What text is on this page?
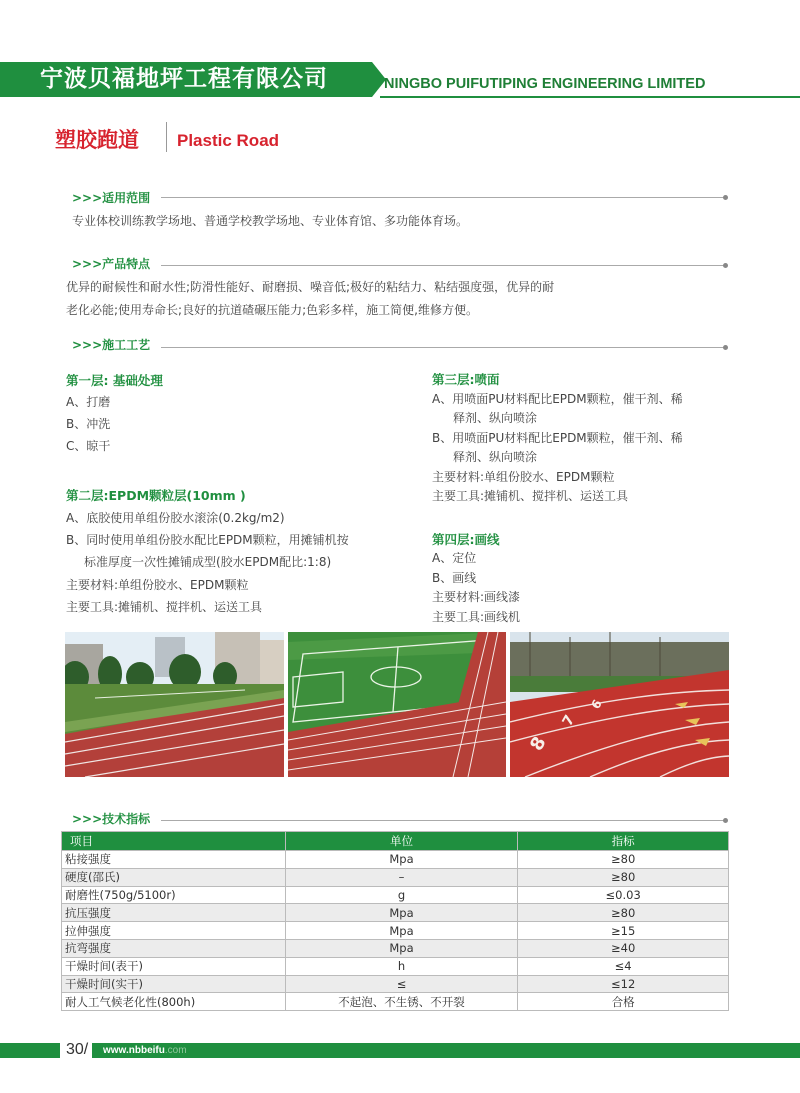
宁波贝福地坪工程有限公司	NINGBO PUIFUTIPING ENGINEERING LIMITED
塑胶跑道 Plastic Road
>>>适用范围
专业体校训练教学场地、普通学校教学场地、专业体育馆、多功能体育场。
>>>产品特点
优异的耐候性和耐水性;防滑性能好、耐磨损、噪音低;极好的粘结力、粘结强度强，优异的耐
老化必能;使用寿命长;良好的抗道碴碾压能力;色彩多样，施工简便,维修方便。
>>>施工工艺
第一层: 基础处理
A、打磨
B、冲洗
C、晾干
第二层:EPDM颗粒层(10mm )
A、底胶使用单组份胶水滚涂(0.2kg/m2)
B、同时使用单组份胶水配比EPDM颗粒，用摊铺机按
标准厚度一次性摊铺成型(胶水EPDM配比:1:8)
主要材料:单组份胶水、EPDM颗粒
主要工具:摊铺机、搅拌机、运送工具
第三层:喷面
A、用喷面PU材料配比EPDM颗粒，催干剂、稀
释剂、纵向喷涂
B、用喷面PU材料配比EPDM颗粒，催干剂、稀
释剂、纵向喷涂
主要材料:单组份胶水、EPDM颗粒
主要工具:摊铺机、搅拌机、运送工具
第四层:画线
A、定位
B、画线
主要材料:画线漆
主要工具:画线机
8
7
6
>>>技术指标
项目	单位	指标
粘接强度	Mpa	≥80
硬度(邵氏)	–	≥80
耐磨性(750g/5100r)	g	≤0.03
抗压强度	Mpa	≥80
拉伸强度	Mpa	≥15
抗弯强度	Mpa	≥40
干燥时间(表干)	h	≤4
干燥时间(实干)	≤	≤12
耐人工气候老化性(800h)	不起泡、不生锈、不开裂	合格
30/	www.nbbeifu.com
